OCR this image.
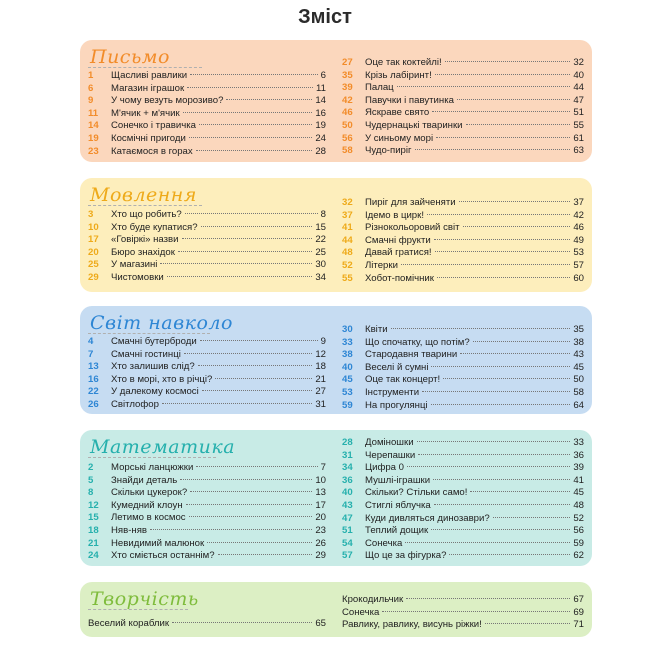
Зміст
Письмо
1	Щасливі равлики	6
6	Магазин іграшок	11
9	У чому везуть морозиво?	14
11	М'ячик + м'ячик	16
14	Сонечко і травичка	19
19	Космічні пригоди	24
23	Катаємося в горах	28
27	Оце так коктейлі!	32
35	Крізь лабіринт!	40
39	Палац	44
42	Павучки і павутинка	47
46	Яскраве свято	51
50	Чудернацькі тваринки	55
56	У синьому морі	61
58	Чудо-пиріг	63
Мовлення
3	Хто що робить?	8
10	Хто буде купатися?	15
17	«Говіркі» назви	22
20	Бюро знахідок	25
25	У магазині	30
29	Чистомовки	34
32	Пиріг для зайченяти	37
37	Ідемо в цирк!	42
41	Різнокольоровий світ	46
44	Смачні фрукти	49
48	Давай гратися!	53
52	Літерки	57
55	Хобот-помічник	60
Світ навколо
4	Смачні бутерброди	9
7	Смачні гостинці	12
13	Хто залишив слід?	18
16	Хто в морі, хто в річці?	21
22	У далекому космосі	27
26	Світлофор	31
30	Квіти	35
33	Що спочатку, що потім?	38
38	Стародавня тварини	43
40	Веселі й сумні	45
45	Оце так концерт!	50
53	Інструменти	58
59	На прогулянці	64
Математика
2	Морські ланцюжки	7
5	Знайди деталь	10
8	Скільки цукерок?	13
12	Кумедний клоун	17
15	Летимо в космос	20
18	Няв-няв	23
21	Невидимий малюнок	26
24	Хто сміється останнім?	29
28	Доміношки	33
31	Черепашки	36
34	Цифра 0	39
36	Мушлі-іграшки	41
40	Скільки? Стільки само!	45
43	Стиглі яблучка	48
47	Куди дивляться динозаври?	52
51	Теплий дощик	56
54	Сонечка	59
57	Що це за фігурка?	62
Творчість
Веселий кораблик	65
Крокодильчик	67
Сонечка	69
Равлику, равлику, висунь ріжки!	71
